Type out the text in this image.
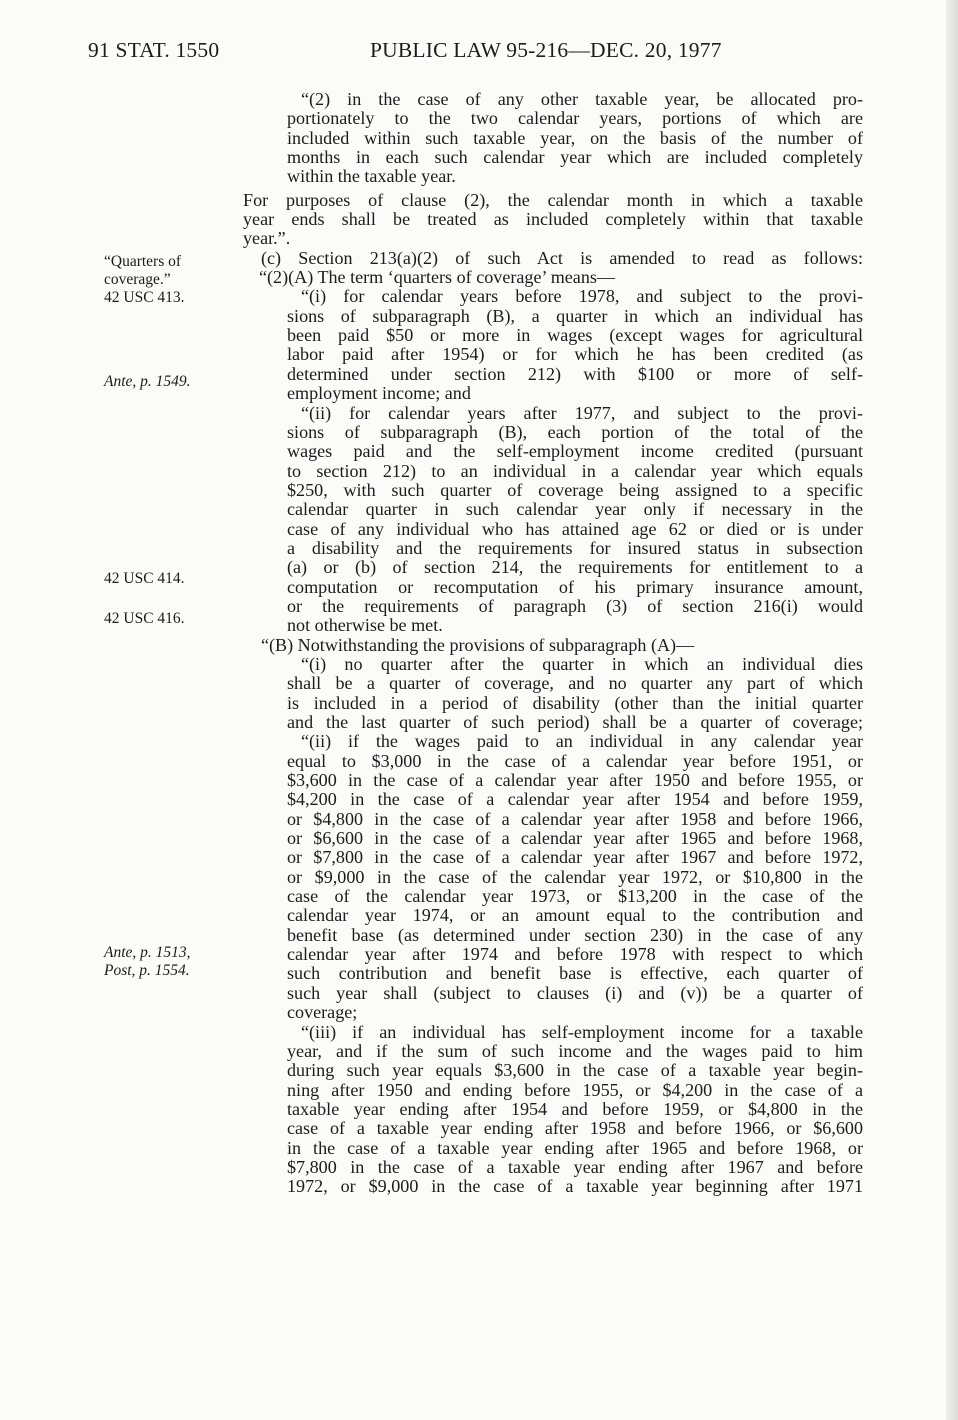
91 STAT. 1550	PUBLIC LAW 95-216—DEC. 20, 1977
“Quarters of
coverage.”
42 USC 413.
Ante, p. 1549.
42 USC 414.
42 USC 416.
Ante, p. 1513,
Post, p. 1554.
“(2) in the case of any other taxable year, be allocated pro-
portionately to the two calendar years, portions of which are
included within such taxable year, on the basis of the number of
months in each such calendar year which are included completely
within the taxable year.
For purposes of clause (2), the calendar month in which a taxable
year ends shall be treated as included completely within that taxable
year.”.
(c) Section 213(a)(2) of such Act is amended to read as follows:
“(2)(A) The term ‘quarters of coverage’ means—
“(i) for calendar years before 1978, and subject to the provi-
sions of subparagraph (B), a quarter in which an individual has
been paid $50 or more in wages (except wages for agricultural
labor paid after 1954) or for which he has been credited (as
determined under section 212) with $100 or more of self-
employment income; and
“(ii) for calendar years after 1977, and subject to the provi-
sions of subparagraph (B), each portion of the total of the
wages paid and the self-employment income credited (pursuant
to section 212) to an individual in a calendar year which equals
$250, with such quarter of coverage being assigned to a specific
calendar quarter in such calendar year only if necessary in the
case of any individual who has attained age 62 or died or is under
a disability and the requirements for insured status in subsection
(a) or (b) of section 214, the requirements for entitlement to a
computation or recomputation of his primary insurance amount,
or the requirements of paragraph (3) of section 216(i) would
not otherwise be met.
“(B) Notwithstanding the provisions of subparagraph (A)—
“(i) no quarter after the quarter in which an individual dies
shall be a quarter of coverage, and no quarter any part of which
is included in a period of disability (other than the initial quarter
and the last quarter of such period) shall be a quarter of coverage;
“(ii) if the wages paid to an individual in any calendar year
equal to $3,000 in the case of a calendar year before 1951, or
$3,600 in the case of a calendar year after 1950 and before 1955, or
$4,200 in the case of a calendar year after 1954 and before 1959,
or $4,800 in the case of a calendar year after 1958 and before 1966,
or $6,600 in the case of a calendar year after 1965 and before 1968,
or $7,800 in the case of a calendar year after 1967 and before 1972,
or $9,000 in the case of the calendar year 1972, or $10,800 in the
case of the calendar year 1973, or $13,200 in the case of the
calendar year 1974, or an amount equal to the contribution and
benefit base (as determined under section 230) in the case of any
calendar year after 1974 and before 1978 with respect to which
such contribution and benefit base is effective, each quarter of
such year shall (subject to clauses (i) and (v)) be a quarter of
coverage;
“(iii) if an individual has self-employment income for a taxable
year, and if the sum of such income and the wages paid to him
during such year equals $3,600 in the case of a taxable year begin-
ning after 1950 and ending before 1955, or $4,200 in the case of a
taxable year ending after 1954 and before 1959, or $4,800 in the
case of a taxable year ending after 1958 and before 1966, or $6,600
in the case of a taxable year ending after 1965 and before 1968, or
$7,800 in the case of a taxable year ending after 1967 and before
1972, or $9,000 in the case of a taxable year beginning after 1971
